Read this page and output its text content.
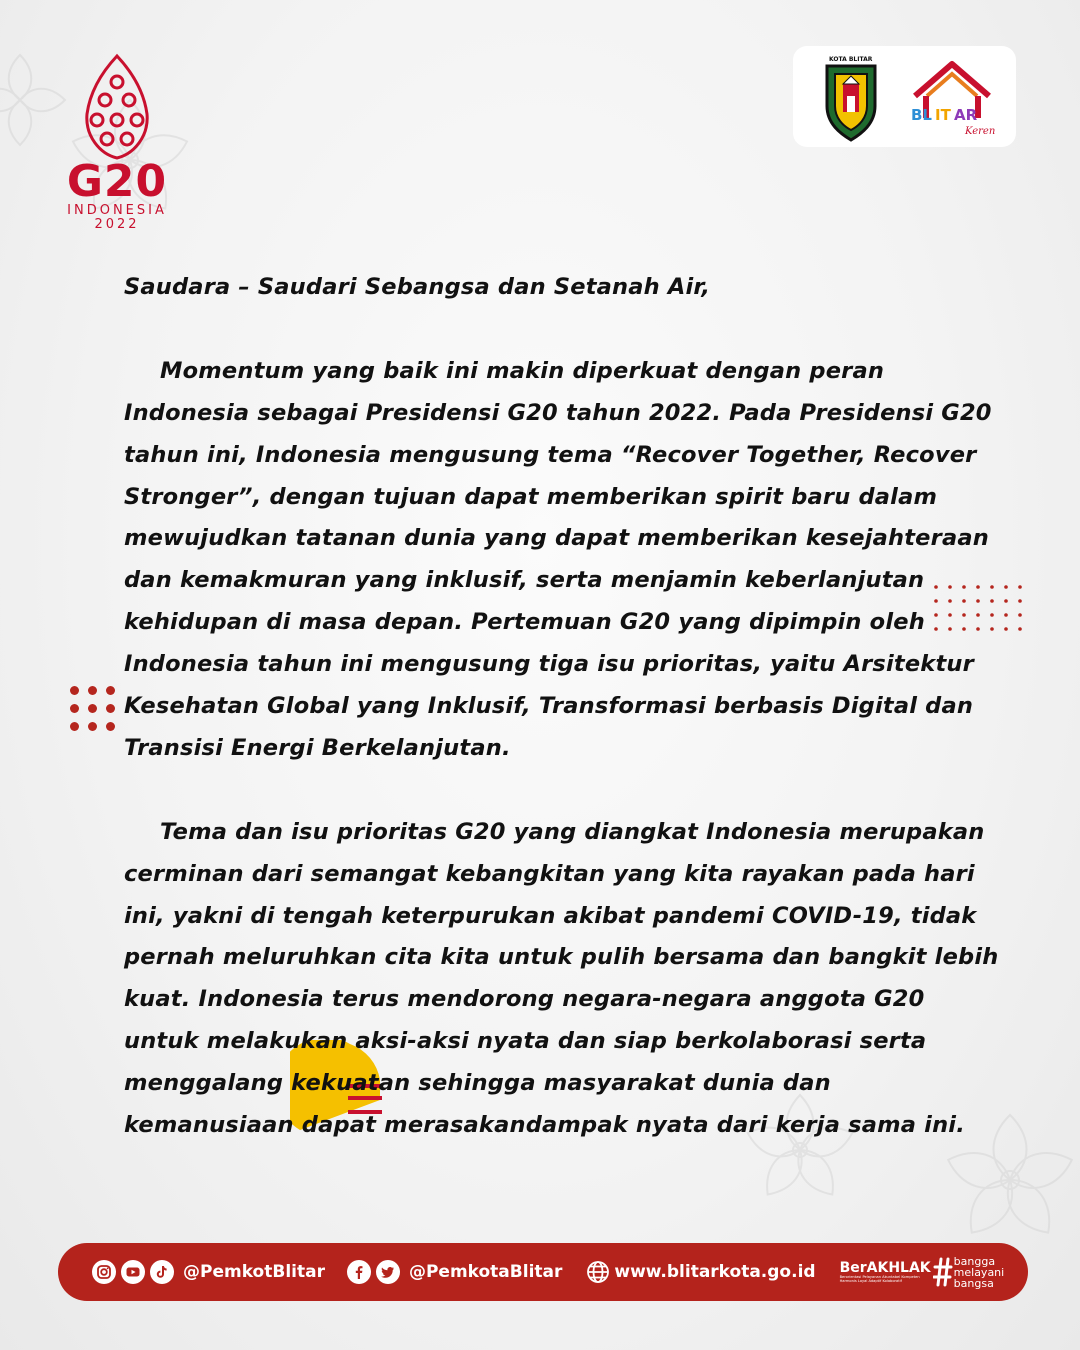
G20
INDONESIA
2022
KOTA BLITAR
BL IT AR
Keren

Saudara – Saudari Sebangsa dan Setanah Air,

Momentum yang baik ini makin diperkuat dengan peran Indonesia sebagai Presidensi G20 tahun 2022. Pada Presidensi G20 tahun ini, Indonesia mengusung tema “Recover Together, Recover Stronger”, dengan tujuan dapat memberikan spirit baru dalam mewujudkan tatanan dunia yang dapat memberikan kesejahteraan dan kemakmuran yang inklusif, serta menjamin keberlanjutan kehidupan di masa depan. Pertemuan G20 yang dipimpin oleh Indonesia tahun ini mengusung tiga isu prioritas, yaitu Arsitektur Kesehatan Global yang Inklusif, Transformasi berbasis Digital dan Transisi Energi Berkelanjutan.

Tema dan isu prioritas G20 yang diangkat Indonesia merupakan cerminan dari semangat kebangkitan yang kita rayakan pada hari ini, yakni di tengah keterpurukan akibat pandemi COVID-19, tidak pernah meluruhkan cita kita untuk pulih bersama dan bangkit lebih kuat. Indonesia terus mendorong negara-negara anggota G20 untuk melakukan aksi-aksi nyata dan siap berkolaborasi serta menggalang kekuatan sehingga masyarakat dunia dan kemanusiaan dapat merasakandampak nyata dari kerja sama ini.

@PemkotBlitar	@PemkotaBlitar	www.blitarkota.go.id BerAKHLAK
Berorientasi Pelayanan Akuntabel Kompeten
Harmonis Loyal Adaptif Kolaboratif
bangga
melayani
bangsa
